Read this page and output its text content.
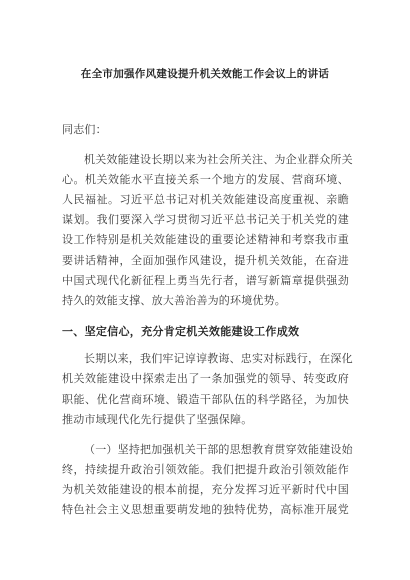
在全市加强作风建设提升机关效能工作会议上的讲话
同志们：
机关效能建设长期以来为社会所关注、为企业群众所关
心。机关效能水平直接关系一个地方的发展、营商环境、
人民福祉。习近平总书记对机关效能建设高度重视、亲瞻
谋划。我们要深入学习贯彻习近平总书记关于机关党的建
设工作特别是机关效能建设的重要论述精神和考察我市重
要讲话精神，全面加强作风建设，提升机关效能，在奋进
中国式现代化新征程上勇当先行者，谱写新篇章提供强劲
持久的效能支撑、放大善治善为的环境优势。
一、坚定信心，充分肯定机关效能建设工作成效
长期以来，我们牢记谆谆教诲、忠实对标践行，在深化
机关效能建设中探索走出了一条加强党的领导、转变政府
职能、优化营商环境、锻造干部队伍的科学路径，为加快
推动市域现代化先行提供了坚强保障。
（一）坚持把加强机关干部的思想教育贯穿效能建设始
终，持续提升政治引领效能。我们把提升政治引领效能作
为机关效能建设的根本前提，充分发挥习近平新时代中国
特色社会主义思想重要萌发地的独特优势，高标准开展党
